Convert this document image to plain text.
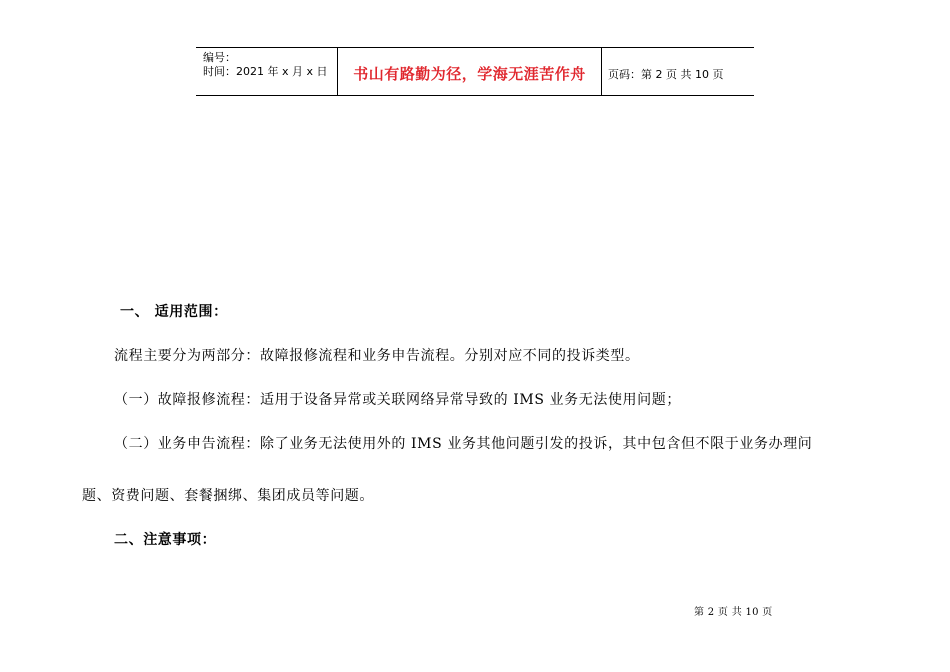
编号：
时间：2021 年 x 月 x 日	书山有路勤为径，学海无涯苦作舟	页码：第 2 页 共 10 页
一、 适用范围：
流程主要分为两部分：故障报修流程和业务申告流程。分别对应不同的投诉类型。
（一）故障报修流程：适用于设备异常或关联网络异常导致的 IMS 业务无法使用问题；
（二）业务申告流程：除了业务无法使用外的 IMS 业务其他问题引发的投诉，其中包含但不限于业务办理问
题、资费问题、套餐捆绑、集团成员等问题。
二、注意事项：
第 2 页 共 10 页
